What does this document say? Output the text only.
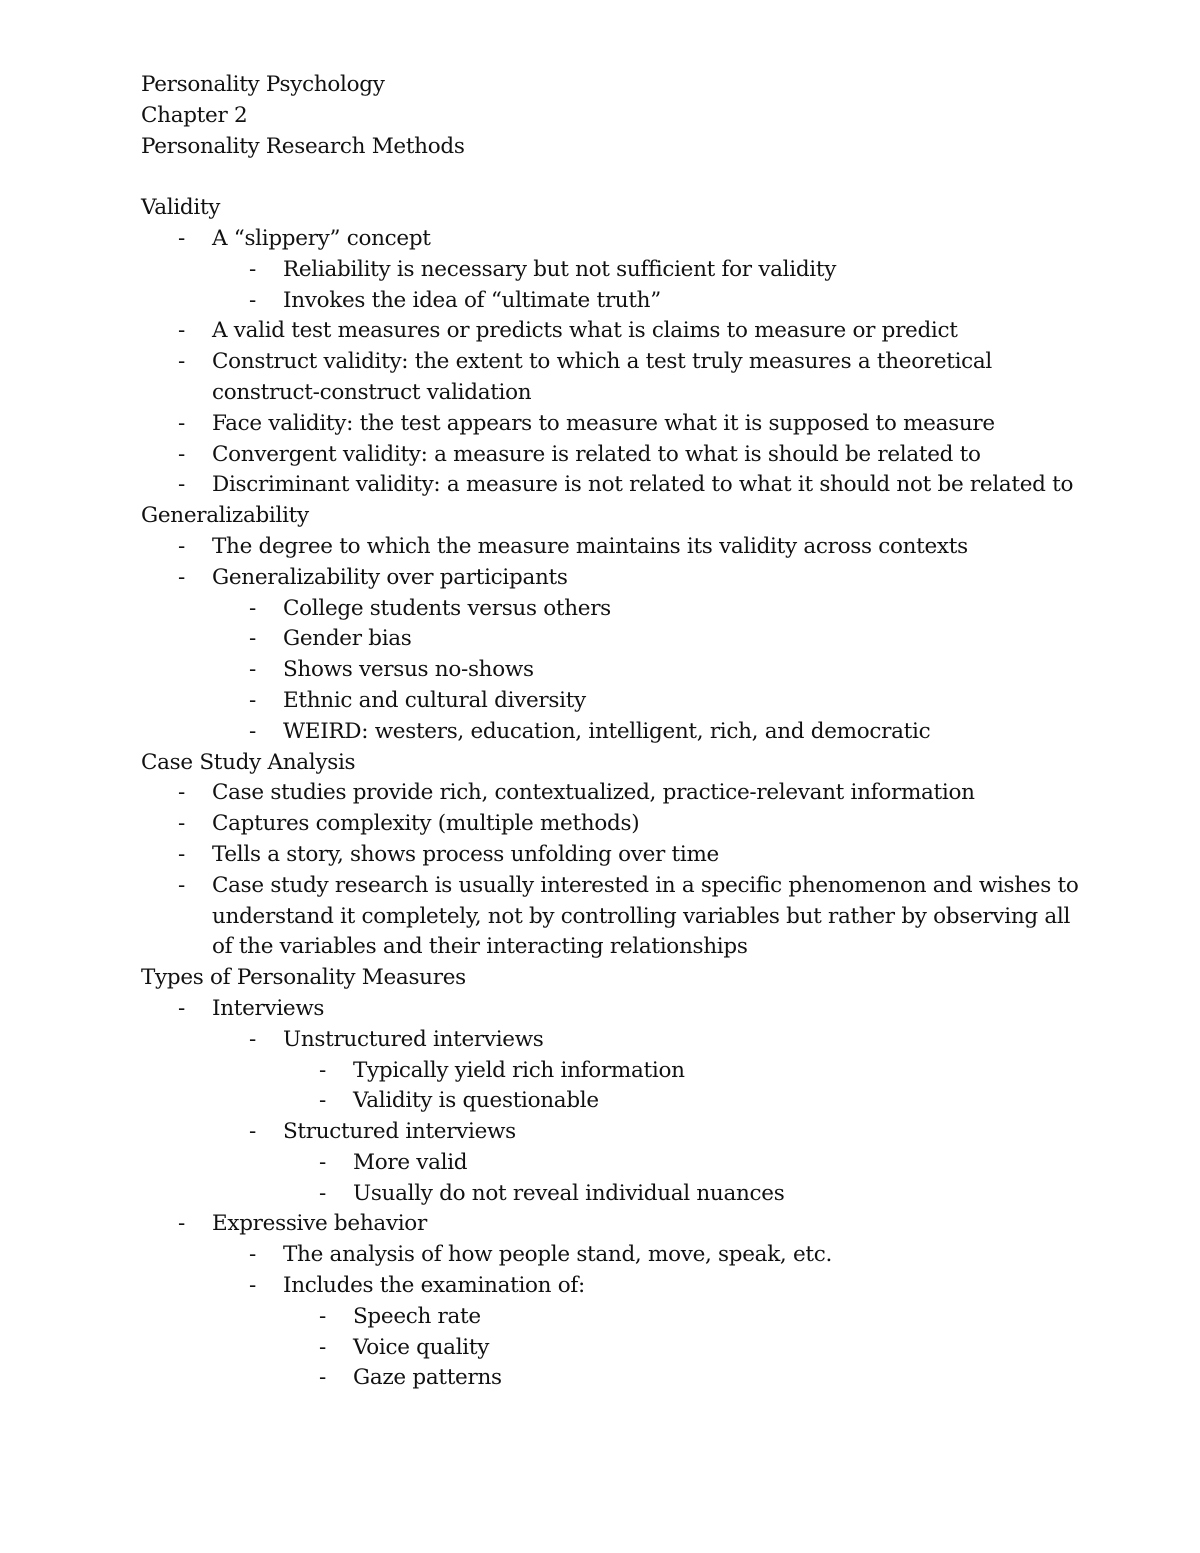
Personality Psychology
Chapter 2
Personality Research Methods
Validity
- A “slippery” concept
- Reliability is necessary but not sufficient for validity
- Invokes the idea of “ultimate truth”
- A valid test measures or predicts what is claims to measure or predict
- Construct validity: the extent to which a test truly measures a theoretical
construct-construct validation
- Face validity: the test appears to measure what it is supposed to measure
- Convergent validity: a measure is related to what is should be related to
- Discriminant validity: a measure is not related to what it should not be related to
Generalizability
- The degree to which the measure maintains its validity across contexts
- Generalizability over participants
- College students versus others
- Gender bias
- Shows versus no-shows
- Ethnic and cultural diversity
- WEIRD: westers, education, intelligent, rich, and democratic
Case Study Analysis
- Case studies provide rich, contextualized, practice-relevant information
- Captures complexity (multiple methods)
- Tells a story, shows process unfolding over time
- Case study research is usually interested in a specific phenomenon and wishes to
understand it completely, not by controlling variables but rather by observing all
of the variables and their interacting relationships
Types of Personality Measures
- Interviews
- Unstructured interviews
- Typically yield rich information
- Validity is questionable
- Structured interviews
- More valid
- Usually do not reveal individual nuances
- Expressive behavior
- The analysis of how people stand, move, speak, etc.
- Includes the examination of:
- Speech rate
- Voice quality
- Gaze patterns
